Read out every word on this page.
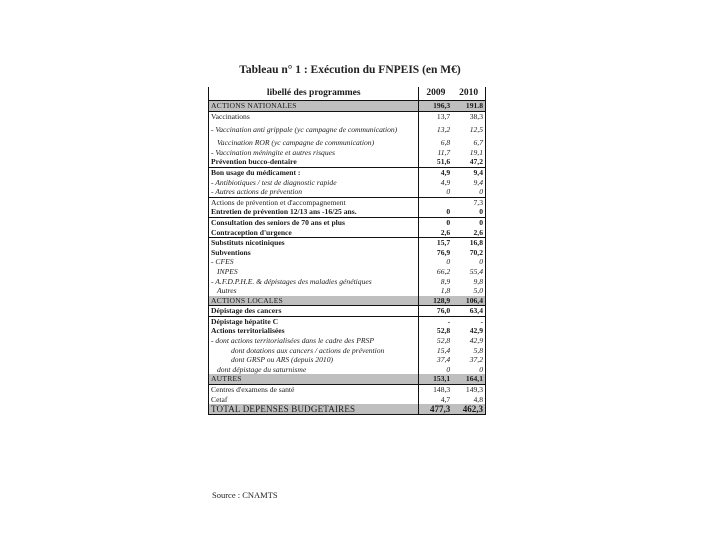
Tableau n° 1 : Exécution du FNPEIS (en M€)
libellé des programmes	2009	2010
ACTIONS NATIONALES	196,3	191.8
Vaccinations	13,7	38,3
- Vaccination anti grippale (yc campagne de communication)	13,2	12,5
Vaccination ROR (yc campagne de communication)	6,8	6,7
- Vaccination méningite et autres risques	11,7	19,1
Prévention bucco-dentaire	51,6	47,2
Bon usage du médicament :	4,9	9,4
- Antibiotiques / test de diagnostic rapide	4,9	9,4
- Autres actions de prévention	0	0
Actions de prévention et d'accompagnement		7,3
Entretien de prévention 12/13 ans -16/25 ans.	0	0
Consultation des seniors de 70 ans et plus	0	0
Contraception d'urgence	2,6	2,6
Substituts nicotiniques	15,7	16,8
Subventions	76,9	70,2
- CFES	0	0
INPES	66,2	55,4
- A.F.D.P.H.E. & dépistages des maladies génétiques	8,9	9,8
Autres	1,8	5,0
ACTIONS LOCALES	128,9	106,4
Dépistage des cancers	76,0	63,4
Dépistage hépatite C	-	-
Actions territorialisées	52,8	42,9
- dont actions territorialisées dans le cadre des PRSP	52,8	42,9
dont dotations aux cancers / actions de prévention	15,4	5,8
dont GRSP ou ARS (depuis 2010)	37,4	37,2
dont dépistage du saturnisme	0	0
AUTRES	153,1	164,1
Centres d'examens de santé	148,3	149,3
Cetaf	4,7	4,8
TOTAL DEPENSES BUDGETAIRES	477,3	462,3
Source : CNAMTS
